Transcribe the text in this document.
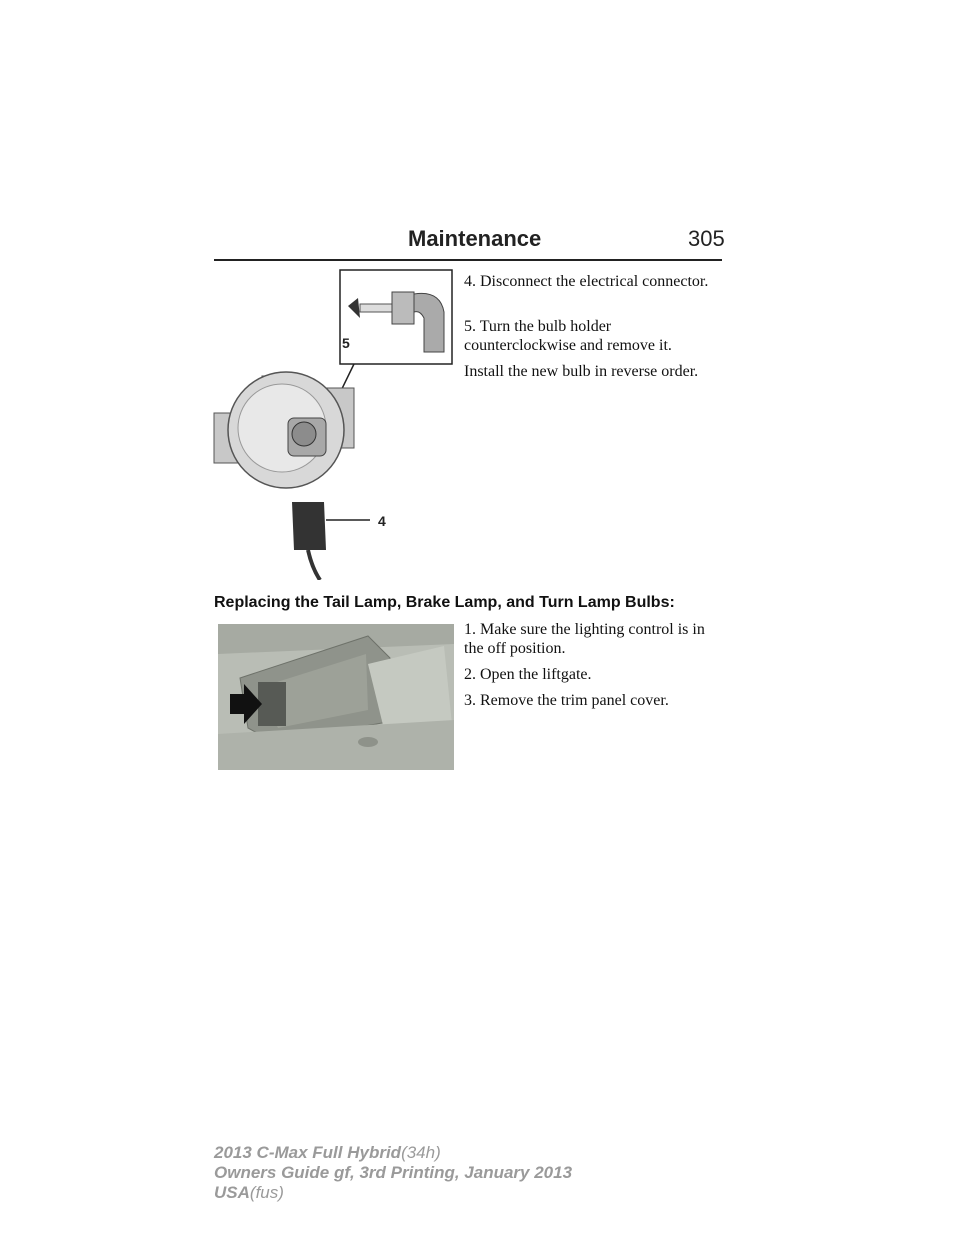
Maintenance	305
5
4

4. Disconnect the electrical connector.

5. Turn the bulb holder counterclockwise and remove it.

Install the new bulb in reverse order.

Replacing the Tail Lamp, Brake Lamp, and Turn Lamp Bulbs:

1. Make sure the lighting control is in the off position.

2. Open the liftgate.

3. Remove the trim panel cover.

2013 C-Max Full Hybrid(34h)
Owners Guide gf, 3rd Printing, January 2013
USA(fus)
